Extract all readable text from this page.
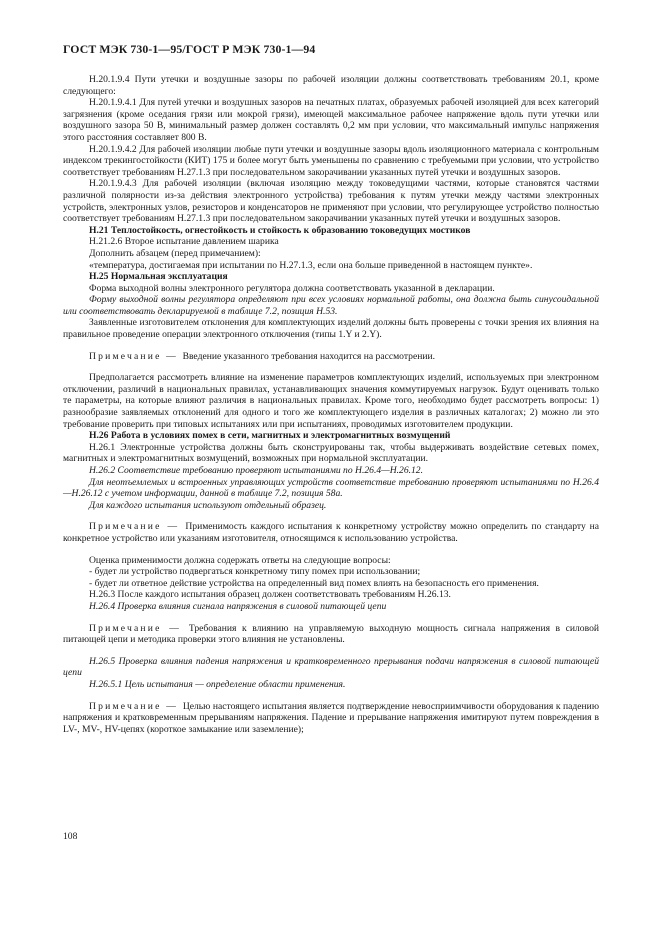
ГОСТ МЭК 730-1—95/ГОСТ Р МЭК 730-1—94

Н.20.1.9.4 Пути утечки и воздушные зазоры по рабочей изоляции должны соответствовать требованиям 20.1, кроме следующего:

Н.20.1.9.4.1 Для путей утечки и воздушных зазоров на печатных платах, образуемых рабочей изоляцией для всех категорий загрязнения (кроме оседания грязи или мокрой грязи), имеющей максимальное рабочее напряжение вдоль пути утечки или воздушного зазора 50 В, минимальный размер должен составлять 0,2 мм при условии, что максимальный импульс напряжения этого расстояния составляет 800 В.

Н.20.1.9.4.2 Для рабочей изоляции любые пути утечки и воздушные зазоры вдоль изоляционного материала с контрольным индексом трекингостойкости (КИТ) 175 и более могут быть уменьшены по сравнению с требуемыми при условии, что устройство соответствует требованиям Н.27.1.3 при последовательном закорачивании указанных путей утечки и воздушных зазоров.

Н.20.1.9.4.3 Для рабочей изоляции (включая изоляцию между токоведущими частями, которые становятся частями различной полярности из-за действия электронного устройства) требования к путям утечки между частями электронных устройств, электронных узлов, резисторов и конденсаторов не применяют при условии, что регулирующее устройство полностью соответствует требованиям Н.27.1.3 при последовательном закорачивании указанных путей утечки и воздушных зазоров.

Н.21 Теплостойкость, огнестойкость и стойкость к образованию токоведущих мостиков

Н.21.2.6 Второе испытание давлением шарика

Дополнить абзацем (перед примечанием):

«температура, достигаемая при испытании по Н.27.1.3, если она больше приведенной в настоящем пункте».

Н.25 Нормальная эксплуатация

Форма выходной волны электронного регулятора должна соответствовать указанной в декларации.

Форму выходной волны регулятора определяют при всех условиях нормальной работы, она должна быть синусоидальной или соответствовать декларируемой в таблице 7.2, позиция Н.53.

Заявленные изготовителем отклонения для комплектующих изделий должны быть проверены с точки зрения их влияния на правильное проведение операции электронного отключения (типы 1.Y и 2.Y).

Примечание — Введение указанного требования находится на рассмотрении.

Предполагается рассмотреть влияние на изменение параметров комплектующих изделий, используемых при электронном отключении, различий в национальных правилах, устанавливающих значения коммутируемых нагрузок. Будут оценивать только те параметры, на которые влияют различия в национальных правилах. Кроме того, необходимо будет рассмотреть вопросы: 1) разнообразие заявляемых отклонений для одного и того же комплектующего изделия в различных каталогах; 2) можно ли это требование проверить при типовых испытаниях или при испытаниях, проводимых изготовителем продукции.

Н.26 Работа в условиях помех в сети, магнитных и электромагнитных возмущений

Н.26.1 Электронные устройства должны быть сконструированы так, чтобы выдерживать воздействие сетевых помех, магнитных и электромагнитных возмущений, возможных при нормальной эксплуатации.

Н.26.2 Соответствие требованию проверяют испытаниями по Н.26.4—Н.26.12.

Для неотъемлемых и встроенных управляющих устройств соответствие требованию проверяют испытаниями по Н.26.4—Н.26.12 с учетом информации, данной в таблице 7.2, позиция 58а.

Для каждого испытания используют отдельный образец.

Примечание — Применимость каждого испытания к конкретному устройству можно определить по стандарту на конкретное устройство или указаниям изготовителя, относящимся к использованию устройства.

Оценка применимости должна содержать ответы на следующие вопросы:

- будет ли устройство подвергаться конкретному типу помех при использовании;

- будет ли ответное действие устройства на определенный вид помех влиять на безопасность его применения.

Н.26.3 После каждого испытания образец должен соответствовать требованиям Н.26.13.

Н.26.4 Проверка влияния сигнала напряжения в силовой питающей цепи

Примечание — Требования к влиянию на управляемую выходную мощность сигнала напряжения в силовой питающей цепи и методика проверки этого влияния не установлены.

Н.26.5 Проверка влияния падения напряжения и кратковременного прерывания подачи напряжения в силовой питающей цепи

Н.26.5.1 Цель испытания — определение области применения.

Примечание — Целью настоящего испытания является подтверждение невосприимчивости оборудования к падению напряжения и кратковременным прерываниям напряжения. Падение и прерывание напряжения имитируют путем повреждения в LV-, MV-, HV-цепях (короткое замыкание или заземление);

108
